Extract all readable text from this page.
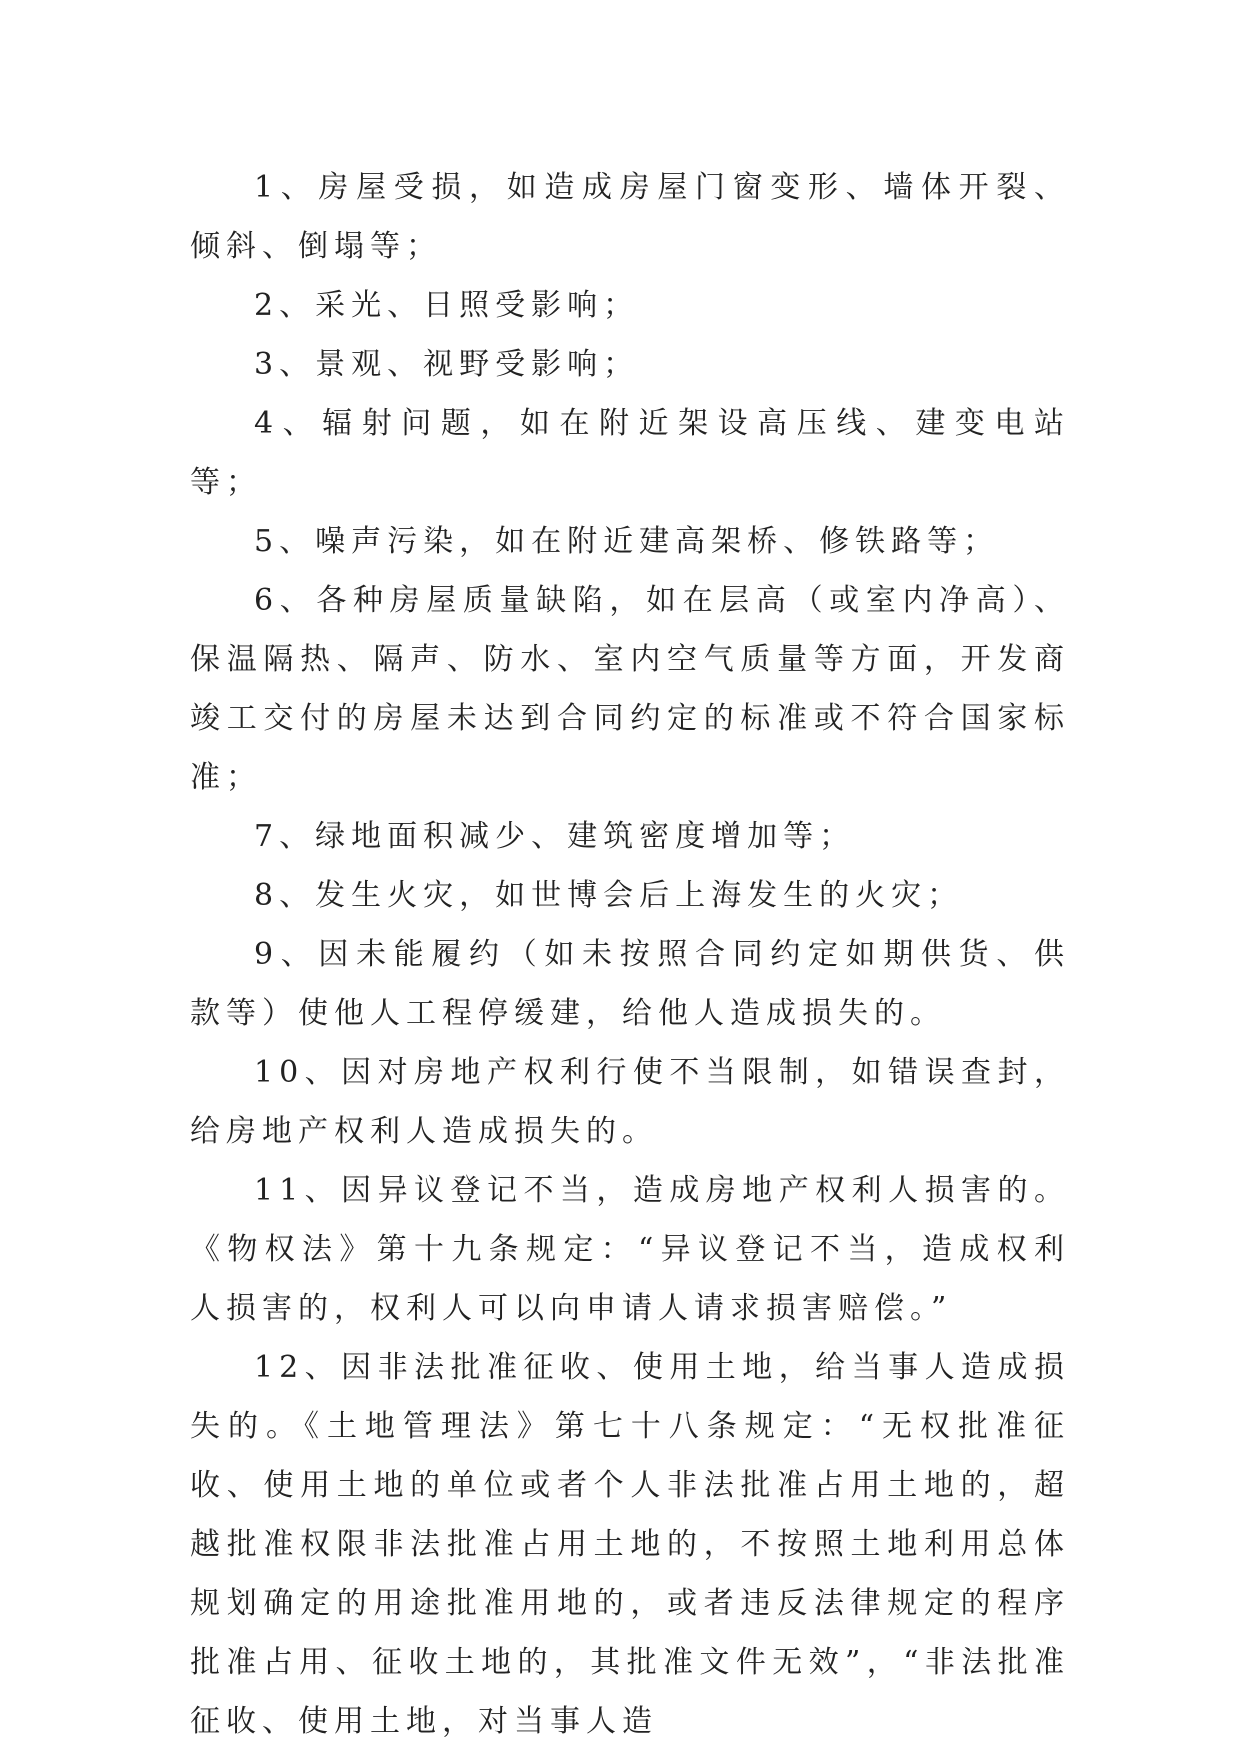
1、房屋受损，如造成房屋门窗变形、墙体开裂、倾斜、倒塌等；

2、采光、日照受影响；

3、景观、视野受影响；

4、辐射问题，如在附近架设高压线、建变电站等；

5、噪声污染，如在附近建高架桥、修铁路等；

6、各种房屋质量缺陷，如在层高（或室内净高）、保温隔热、隔声、防水、室内空气质量等方面，开发商竣工交付的房屋未达到合同约定的标准或不符合国家标准；

7、绿地面积减少、建筑密度增加等；

8、发生火灾，如世博会后上海发生的火灾；

9、因未能履约（如未按照合同约定如期供货、供款等）使他人工程停缓建，给他人造成损失的。

10、因对房地产权利行使不当限制，如错误查封，给房地产权利人造成损失的。

11、因异议登记不当，造成房地产权利人损害的。《物权法》第十九条规定：“异议登记不当，造成权利人损害的，权利人可以向申请人请求损害赔偿。”

12、因非法批准征收、使用土地，给当事人造成损失的。《土地管理法》第七十八条规定：“无权批准征收、使用土地的单位或者个人非法批准占用土地的，超越批准权限非法批准占用土地的，不按照土地利用总体规划确定的用途批准用地的，或者违反法律规定的程序批准占用、征收土地的，其批准文件无效”，“非法批准征收、使用土地，对当事人造
